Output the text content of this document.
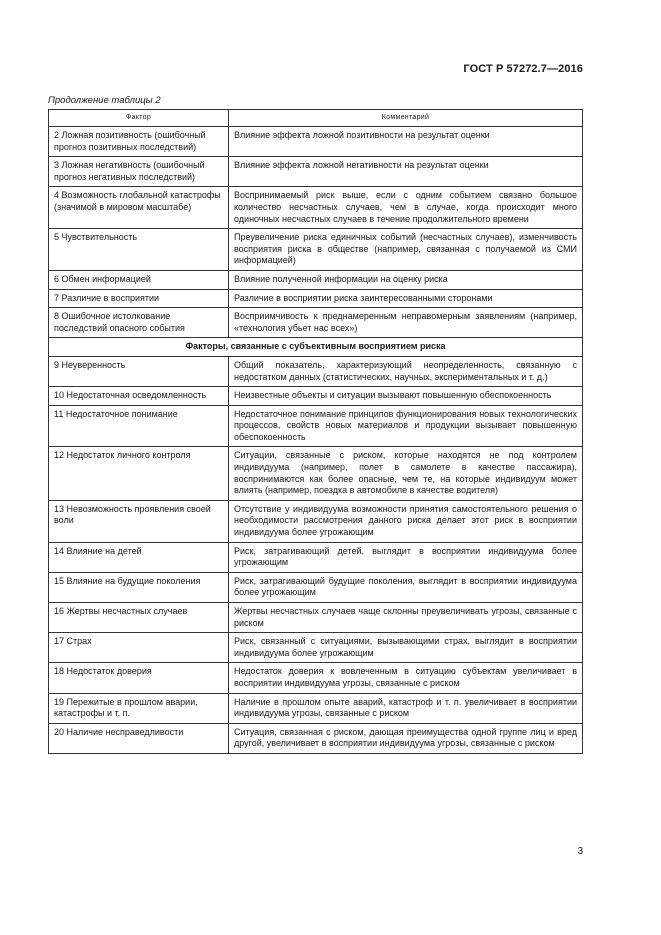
ГОСТ Р 57272.7—2016
Продолжение таблицы 2
Фактор	Комментарий
2 Ложная позитивность (ошибочный прогноз позитивных последствий)	Влияние эффекта ложной позитивности на результат оценки
3 Ложная негативность (ошибочный прогноз негативных последствий)	Влияние эффекта ложной негативности на результат оценки
4 Возможность глобальной катастрофы (значимой в мировом масштабе)	Воспринимаемый риск выше, если с одним событием связано большое количество несчастных случаев, чем в случае, когда происходит много одиночных несчастных случаев в течение продолжительного времени
5 Чувствительность	Преувеличение риска единичных событий (несчастных случаев), изменчивость восприятия риска в обществе (например, связанная с получаемой из СМИ информацией)
6 Обмен информацией	Влияние полученной информации на оценку риска
7 Различие в восприятии	Различие в восприятии риска заинтересованными сторонами
8 Ошибочное истолкование последствий опасного события	Восприимчивость к преднамеренным неправомерным заявлениям (например, «технология убьет нас всех»)
Факторы, связанные с субъективным восприятием риска	
9 Неуверенность	Общий показатель, характеризующий неопределенность, связанную с недостатком данных (статистических, научных, экспериментальных и т. д.)
10 Недостаточная осведомленность	Неизвестные объекты и ситуации вызывают повышенную обеспокоенность
11 Недостаточное понимание	Недостаточное понимание принципов функционирования новых технологических процессов, свойств новых материалов и продукции вызывает повышенную обеспокоенность
12 Недостаток личного контроля	Ситуации, связанные с риском, которые находятся не под контролем индивидуума (например, полет в самолете в качестве пассажира), воспринимаются как более опасные, чем те, на которые индивидуум может влиять (например, поездка в автомобиле в качестве водителя)
13 Невозможность проявления своей воли	Отсутствие у индивидуума возможности принятия самостоятельного решения о необходимости рассмотрения данного риска делает этот риск в восприятии индивидуума более угрожающим
14 Влияние на детей	Риск, затрагивающий детей, выглядит в восприятии индивидуума более угрожающим
15 Влияние на будущие поколения	Риск, затрагивающий будущие поколения, выглядит в восприятии индивидуума более угрожающим
16 Жертвы несчастных случаев	Жертвы несчастных случаев чаще склонны преувеличивать угрозы, связанные с риском
17 Страх	Риск, связанный с ситуациями, вызывающими страх, выглядит в восприятии индивидуума более угрожающим
18 Недостаток доверия	Недостаток доверия к вовлеченным в ситуацию субъектам увеличивает в восприятии индивидуума угрозы, связанные с риском
19 Пережитые в прошлом аварии, катастрофы и т. п.	Наличие в прошлом опыте аварий, катастроф и т. п. увеличивает в восприятии индивидуума угрозы, связанные с риском
20 Наличие несправедливости	Ситуация, связанная с риском, дающая преимущества одной группе лиц и вред другой, увеличивает в восприятии индивидуума угрозы, связанные с риском
3
